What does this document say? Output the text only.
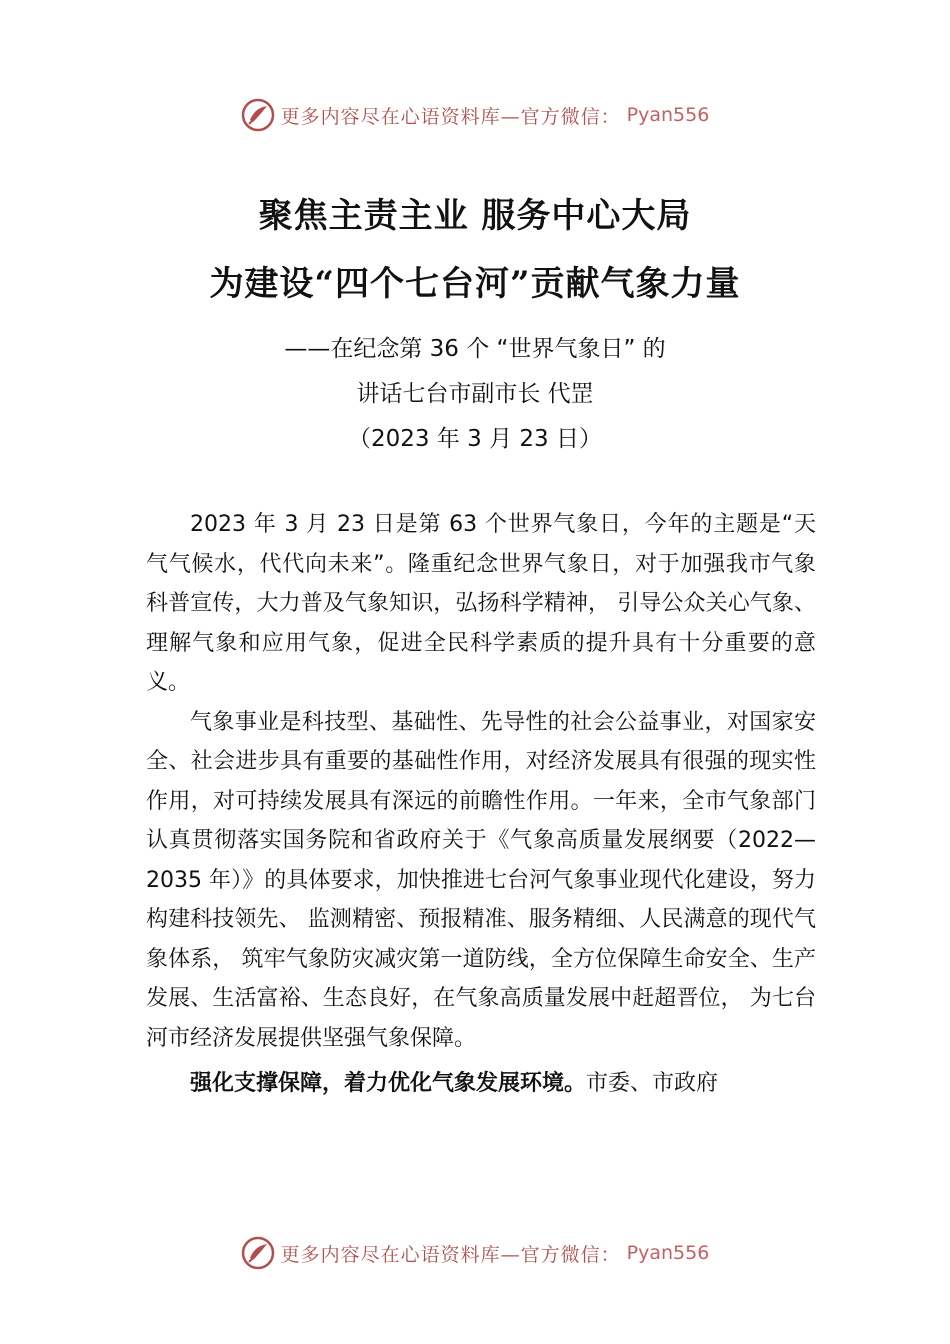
更多内容尽在心语资料库—官方微信： Pyan556
聚焦主责主业 服务中心大局
为建设“四个七台河”贡献气象力量
——在纪念第 36 个 “世界气象日” 的
讲话七台市副市长 代罡
（2023 年 3 月 23 日）

2023 年 3 月 23 日是第 63 个世界气象日，今年的主题是“天气气候水，代代向未来”。隆重纪念世界气象日，对于加强我市气象科普宣传，大力普及气象知识，弘扬科学精神， 引导公众关心气象、理解气象和应用气象，促进全民科学素质的提升具有十分重要的意义。

气象事业是科技型、基础性、先导性的社会公益事业，对国家安全、社会进步具有重要的基础性作用，对经济发展具有很强的现实性作用，对可持续发展具有深远的前瞻性作用。一年来，全市气象部门认真贯彻落实国务院和省政府关于《气象高质量发展纲要（2022—2035 年）》的具体要求，加快推进七台河气象事业现代化建设，努力构建科技领先、 监测精密、预报精准、服务精细、人民满意的现代气象体系， 筑牢气象防灾减灾第一道防线，全方位保障生命安全、生产发展、生活富裕、生态良好，在气象高质量发展中赶超晋位， 为七台河市经济发展提供坚强气象保障。

强化支撑保障，着力优化气象发展环境。市委、市政府

更多内容尽在心语资料库—官方微信： Pyan556
